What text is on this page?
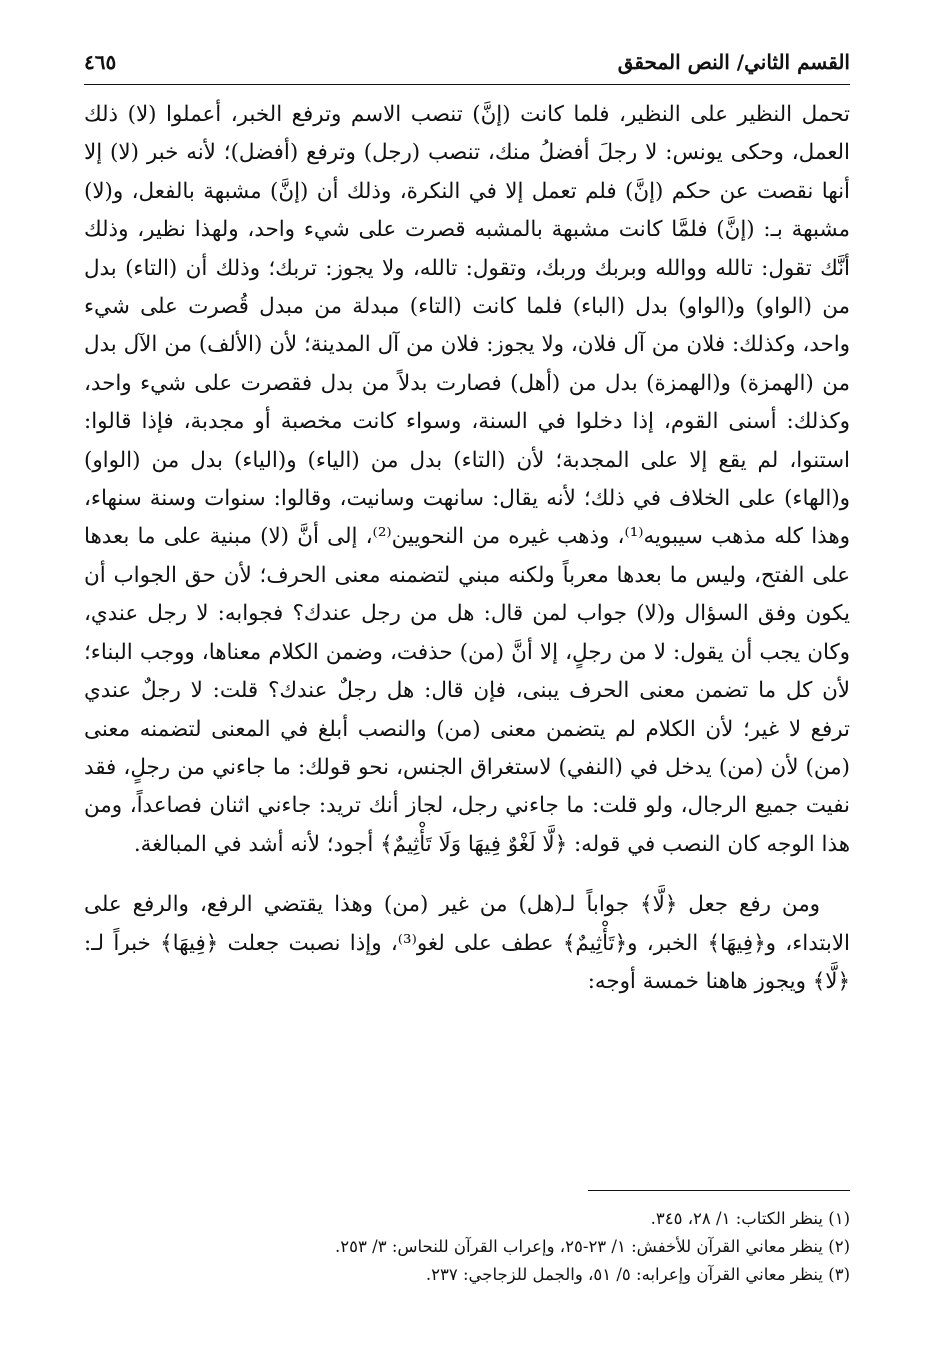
القسم الثاني/ النص المحقق
٤٦٥

تحمل النظير على النظير، فلما كانت (إنَّ) تنصب الاسم وترفع الخبر، أعملوا (لا) ذلك العمل، وحكى يونس: لا رجلَ أفضلُ منك، تنصب (رجل) وترفع (أفضل)؛ لأنه خبر (لا) إلا أنها نقصت عن حكم (إنَّ) فلم تعمل إلا في النكرة، وذلك أن (إنَّ) مشبهة بالفعل، و(لا) مشبهة بـ: (إنَّ) فلمَّا كانت مشبهة بالمشبه قصرت على شيء واحد، ولهذا نظير، وذلك أنَّك تقول: تالله ووالله وبربك وربك، وتقول: تالله، ولا يجوز: تربك؛ وذلك أن (التاء) بدل من (الواو) و(الواو) بدل (الباء) فلما كانت (التاء) مبدلة من مبدل قُصرت على شيء واحد، وكذلك: فلان من آل فلان، ولا يجوز: فلان من آل المدينة؛ لأن (الألف) من الآل بدل من (الهمزة) و(الهمزة) بدل من (أهل) فصارت بدلاً من بدل فقصرت على شيء واحد، وكذلك: أسنى القوم، إذا دخلوا في السنة، وسواء كانت مخصبة أو مجدبة، فإذا قالوا: استنوا، لم يقع إلا على المجدبة؛ لأن (التاء) بدل من (الياء) و(الياء) بدل من (الواو) و(الهاء) على الخلاف في ذلك؛ لأنه يقال: سانهت وسانيت، وقالوا: سنوات وسنة سنهاء، وهذا كله مذهب سيبويه⁽¹⁾، وذهب غيره من النحويين⁽²⁾، إلى أنَّ (لا) مبنية على ما بعدها على الفتح، وليس ما بعدها معرباً ولكنه مبني لتضمنه معنى الحرف؛ لأن حق الجواب أن يكون وفق السؤال و(لا) جواب لمن قال: هل من رجل عندك؟ فجوابه: لا رجل عندي، وكان يجب أن يقول: لا من رجلٍ، إلا أنَّ (من) حذفت، وضمن الكلام معناها، ووجب البناء؛ لأن كل ما تضمن معنى الحرف يبنى، فإن قال: هل رجلٌ عندك؟ قلت: لا رجلٌ عندي ترفع لا غير؛ لأن الكلام لم يتضمن معنى (من) والنصب أبلغ في المعنى لتضمنه معنى (من) لأن (من) يدخل في (النفي) لاستغراق الجنس، نحو قولك: ما جاءني من رجلٍ، فقد نفيت جميع الرجال، ولو قلت: ما جاءني رجل، لجاز أنك تريد: جاءني اثنان فصاعداً، ومن هذا الوجه كان النصب في قوله: ﴿لَّا لَغْوٌ فِيهَا وَلَا تَأْثِيمٌ﴾ أجود؛ لأنه أشد في المبالغة.

ومن رفع جعل ﴿لَّا﴾ جواباً لـ(هل) من غير (من) وهذا يقتضي الرفع، والرفع على الابتداء، و﴿فِيهَا﴾ الخبر، و﴿تَأْثِيمٌ﴾ عطف على لغو⁽³⁾، وإذا نصبت جعلت ﴿فِيهَا﴾ خبراً لـ: ﴿لَّا﴾ ويجوز هاهنا خمسة أوجه:

(١) ينظر الكتاب: ١/ ٢٨، ٣٤٥.

(٢) ينظر معاني القرآن للأخفش: ١/ ٢٣-٢٥، وإعراب القرآن للنحاس: ٣/ ٢٥٣.

(٣) ينظر معاني القرآن وإعرابه: ٥/ ٥١، والجمل للزجاجي: ٢٣٧.
